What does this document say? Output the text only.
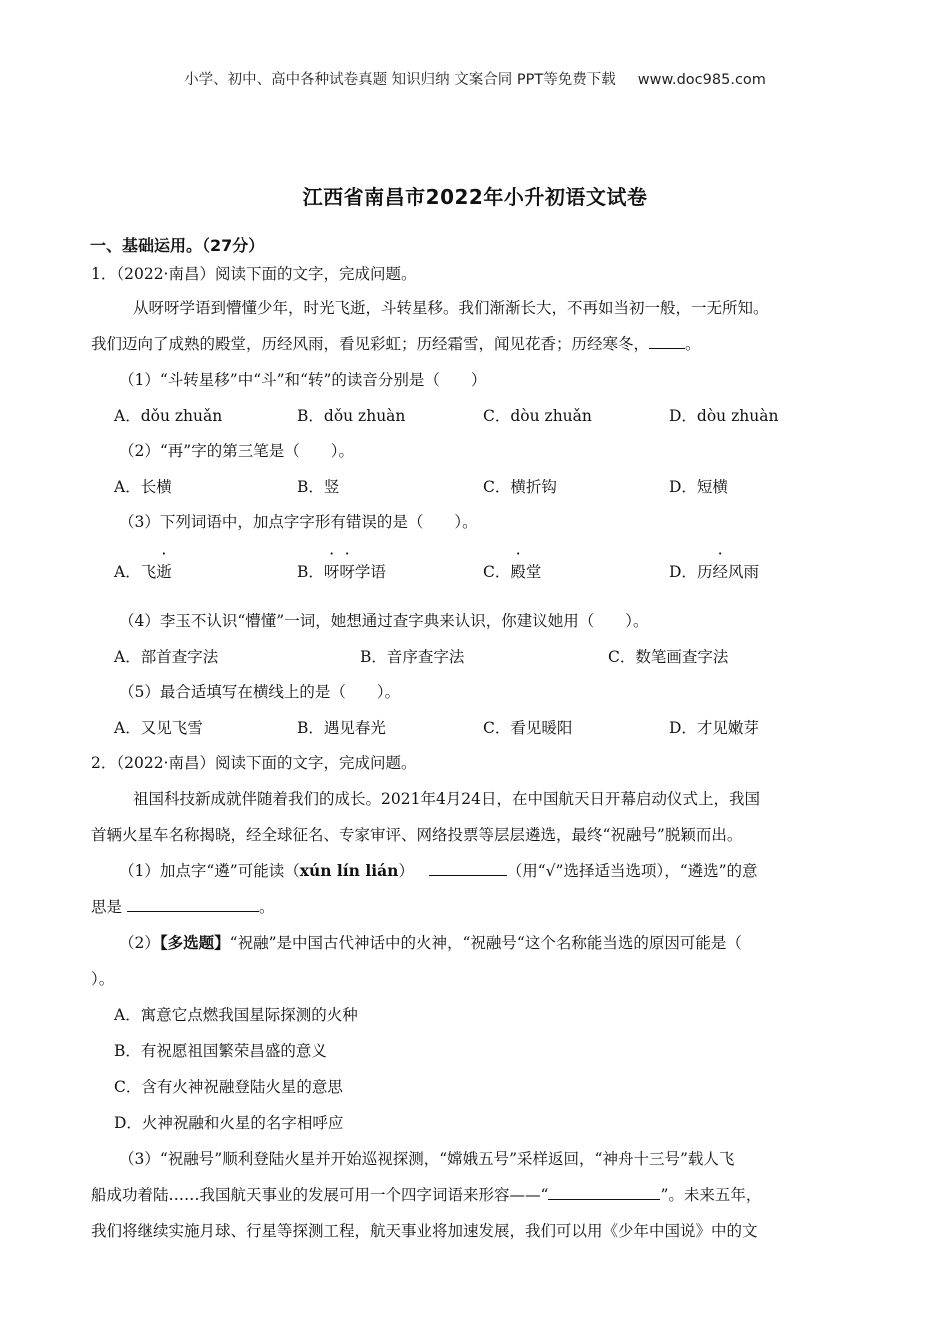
小学、初中、高中各种试卷真题 知识归纳 文案合同 PPT等免费下载 www.doc985.com
江西省南昌市2022年小升初语文试卷
一、基础运用。（27分）
1．（2022·南昌）阅读下面的文字，完成问题。
从呀呀学语到懵懂少年，时光飞逝，斗转星移。我们渐渐长大，不再如当初一般，一无所知。
我们迈向了成熟的殿堂，历经风雨，看见彩虹；历经霜雪，闻见花香；历经寒冬， 。
（1）“斗转星移”中“斗”和“转”的读音分别是（　　）
A．dǒu zhuǎn	B．dǒu zhuàn	C．dòu zhuǎn	D．dòu zhuàn
（2）“再”字的第三笔是（　　）。
A．长横	B．竖	C．横折钩	D．短横
（3）下列词语中，加点字字形有错误的是（　　）。
A．飞逝	B．呀呀学语	C．殿堂	D．历经风雨
（4）李玉不认识“懵懂”一词，她想通过查字典来认识，你建议她用（　　）。
A．部首查字法	B．音序查字法	C．数笔画查字法
（5）最合适填写在横线上的是（　　）。
A．又见飞雪	B．遇见春光	C．看见暖阳	D．才见嫩芽
2．（2022·南昌）阅读下面的文字，完成问题。
祖国科技新成就伴随着我们的成长。2021年4月24日，在中国航天日开幕启动仪式上，我国
首辆火星车名称揭晓，经全球征名、专家审评、网络投票等层层遴选，最终“祝融号”脱颖而出。
（1）加点字“遴”可能读（xún lín lián）	（用“√”选择适当选项），“遴选”的意
思是	。
（2）【多选题】“祝融”是中国古代神话中的火神，“祝融号“这个名称能当选的原因可能是（
）。
A．寓意它点燃我国星际探测的火种
B．有祝愿祖国繁荣昌盛的意义
C．含有火神祝融登陆火星的意思
D．火神祝融和火星的名字相呼应
（3）“祝融号”顺利登陆火星并开始巡视探测，“嫦娥五号”采样返回，“神舟十三号”载人飞
船成功着陆……我国航天事业的发展可用一个四字词语来形容——“	”。未来五年，
我们将继续实施月球、行星等探测工程，航天事业将加速发展，我们可以用《少年中国说》中的文
